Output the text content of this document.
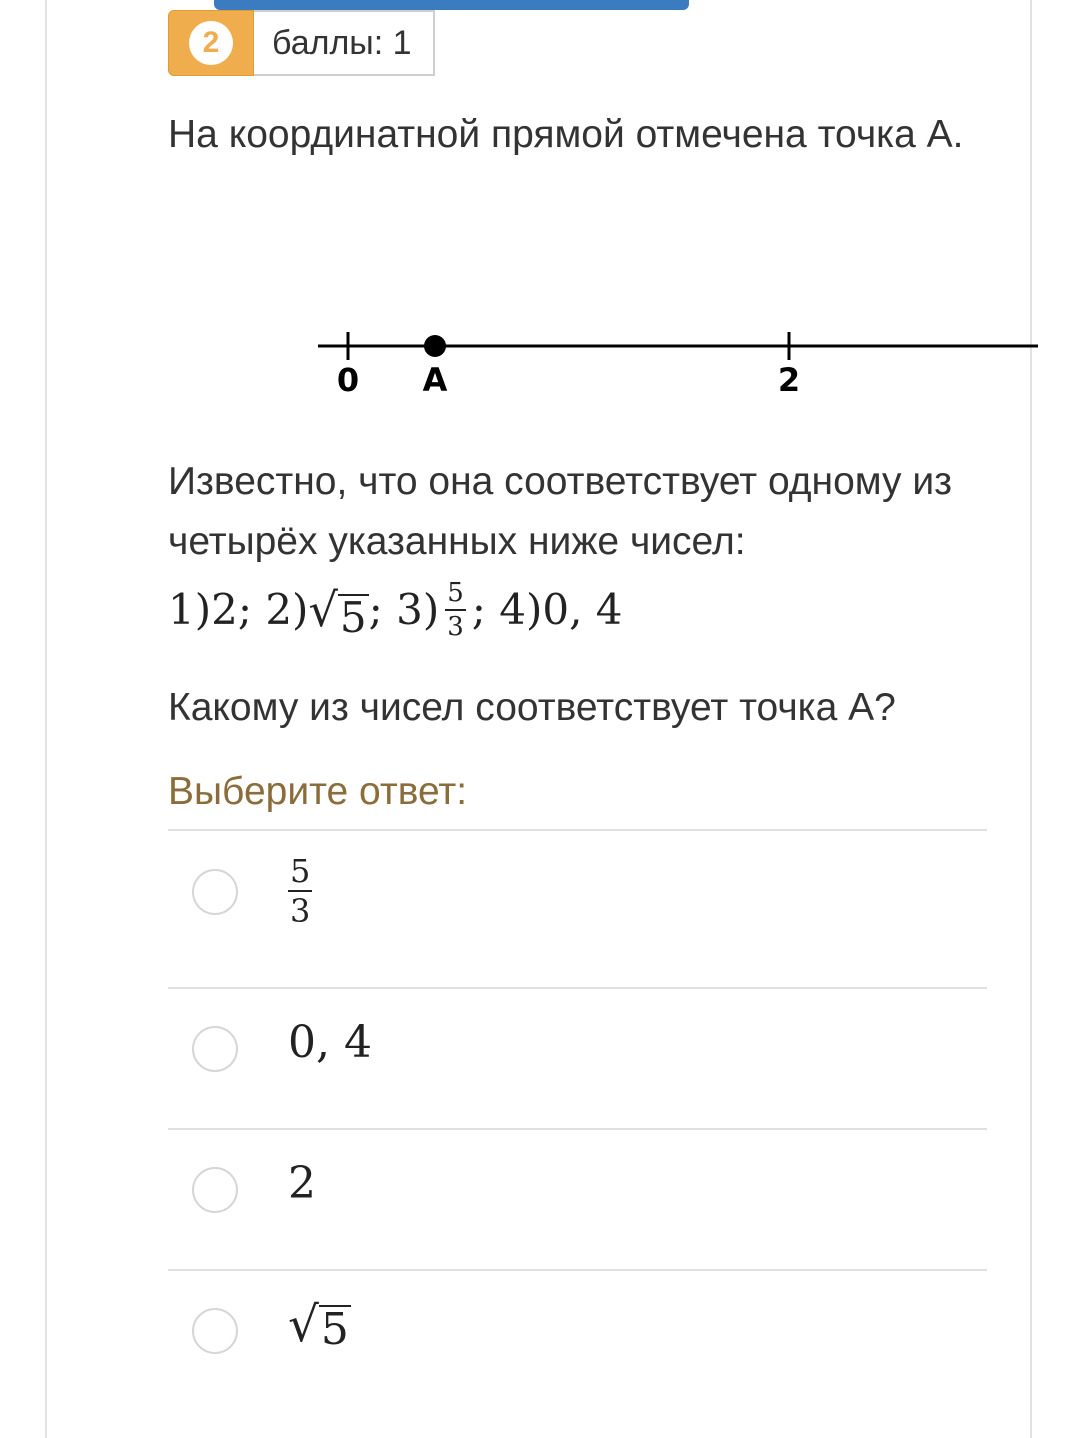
2	баллы: 1
На координатной прямой отмечена точка А.
0 A	2
Известно, что она соответствует одному из четырёх указанных ниже чисел:
1)2; 2) √ 5 ; $3) \frac{5}{3}$ ; 4)0, 4
Какому из чисел соответствует точка А?
Выберите ответ:
$\frac{5}{3}$
0, 4
2
√ 5
